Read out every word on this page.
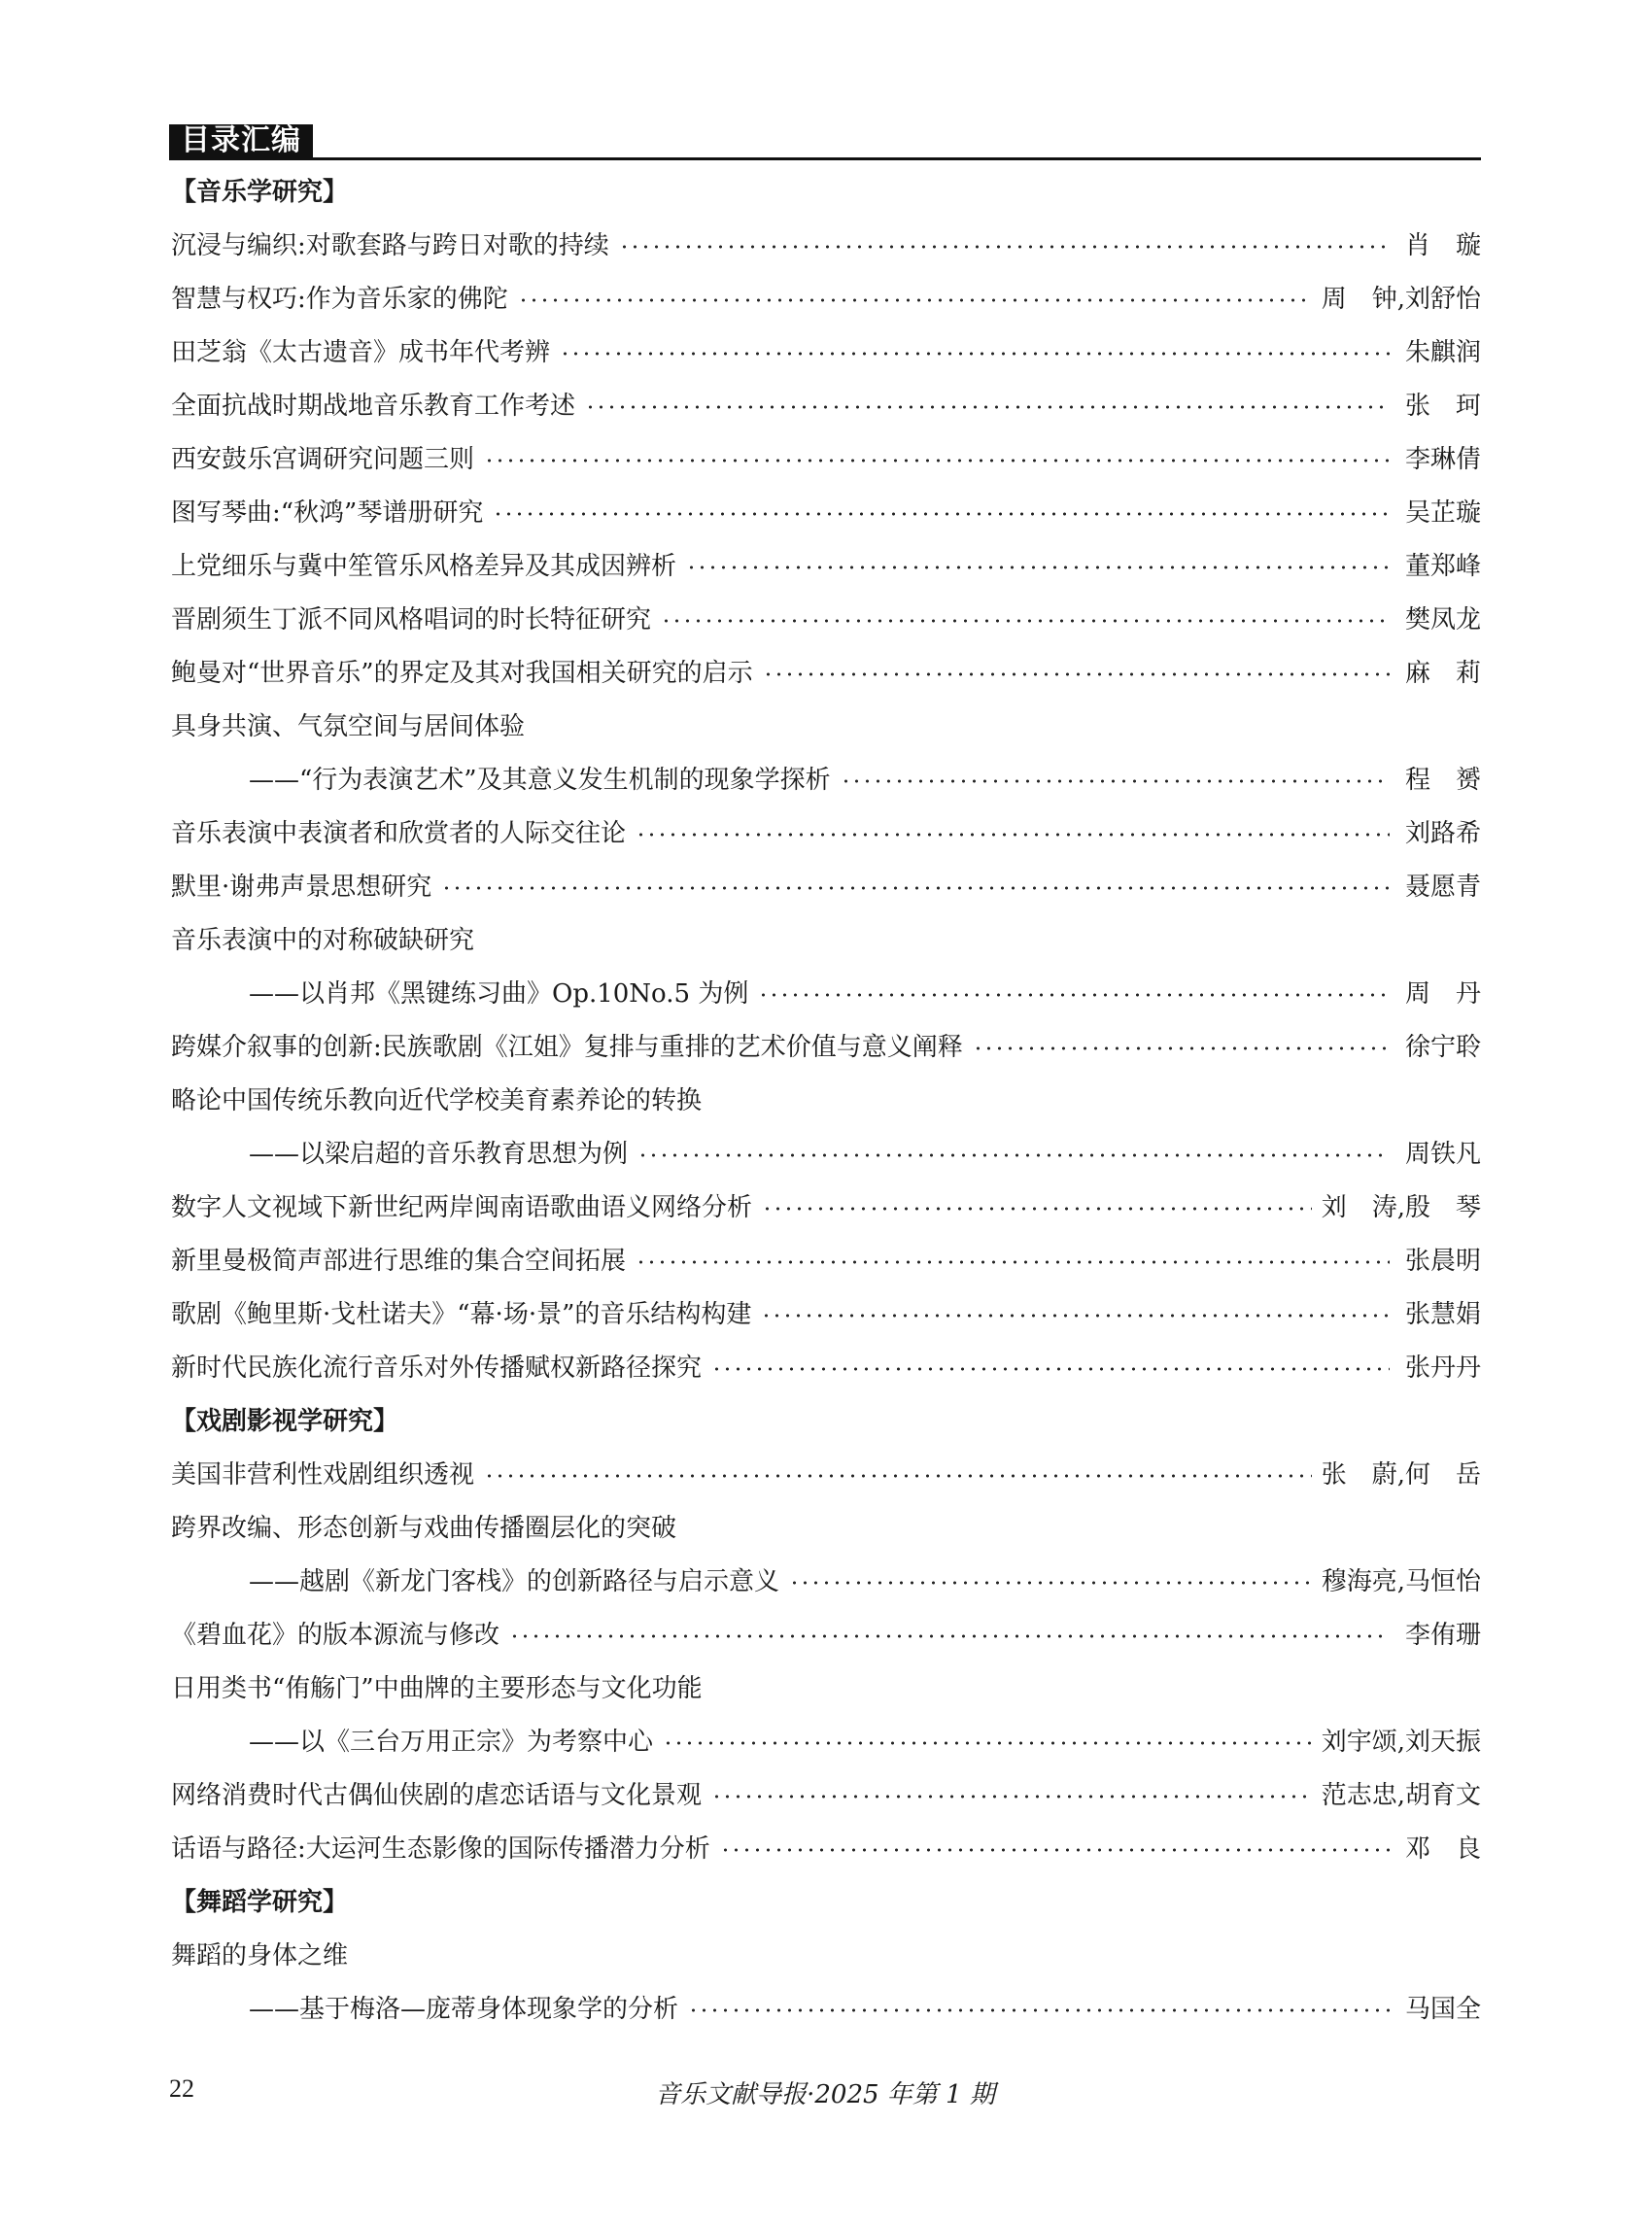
目录汇编
【音乐学研究】
沉浸与编织:对歌套路与跨日对歌的持续	肖　璇
智慧与权巧:作为音乐家的佛陀	周　钟,刘舒怡
田芝翁《太古遗音》成书年代考辨	朱麒润
全面抗战时期战地音乐教育工作考述	张　珂
西安鼓乐宫调研究问题三则	李琳倩
图写琴曲:“秋鸿”琴谱册研究	吴芷璇
上党细乐与冀中笙管乐风格差异及其成因辨析	董郑峰
晋剧须生丁派不同风格唱词的时长特征研究	樊凤龙
鲍曼对“世界音乐”的界定及其对我国相关研究的启示	麻　莉
具身共演、气氛空间与居间体验
——“行为表演艺术”及其意义发生机制的现象学探析	程　赟
音乐表演中表演者和欣赏者的人际交往论	刘路希
默里·谢弗声景思想研究	聂愿青
音乐表演中的对称破缺研究
——以肖邦《黑键练习曲》Op.10No.5 为例	周　丹
跨媒介叙事的创新:民族歌剧《江姐》复排与重排的艺术价值与意义阐释	徐宁聆
略论中国传统乐教向近代学校美育素养论的转换
——以梁启超的音乐教育思想为例	周铁凡
数字人文视域下新世纪两岸闽南语歌曲语义网络分析	刘　涛,殷　琴
新里曼极简声部进行思维的集合空间拓展	张晨明
歌剧《鲍里斯·戈杜诺夫》“幕·场·景”的音乐结构构建	张慧娟
新时代民族化流行音乐对外传播赋权新路径探究	张丹丹
【戏剧影视学研究】
美国非营利性戏剧组织透视	张　蔚,何　岳
跨界改编、形态创新与戏曲传播圈层化的突破
——越剧《新龙门客栈》的创新路径与启示意义	穆海亮,马恒怡
《碧血花》的版本源流与修改	李侑珊
日用类书“侑觞门”中曲牌的主要形态与文化功能
——以《三台万用正宗》为考察中心	刘宇颂,刘天振
网络消费时代古偶仙侠剧的虐恋话语与文化景观	范志忠,胡育文
话语与路径:大运河生态影像的国际传播潜力分析	邓　良
【舞蹈学研究】
舞蹈的身体之维
——基于梅洛—庞蒂身体现象学的分析	马国全
22	音乐文献导报·2025 年第 1 期
